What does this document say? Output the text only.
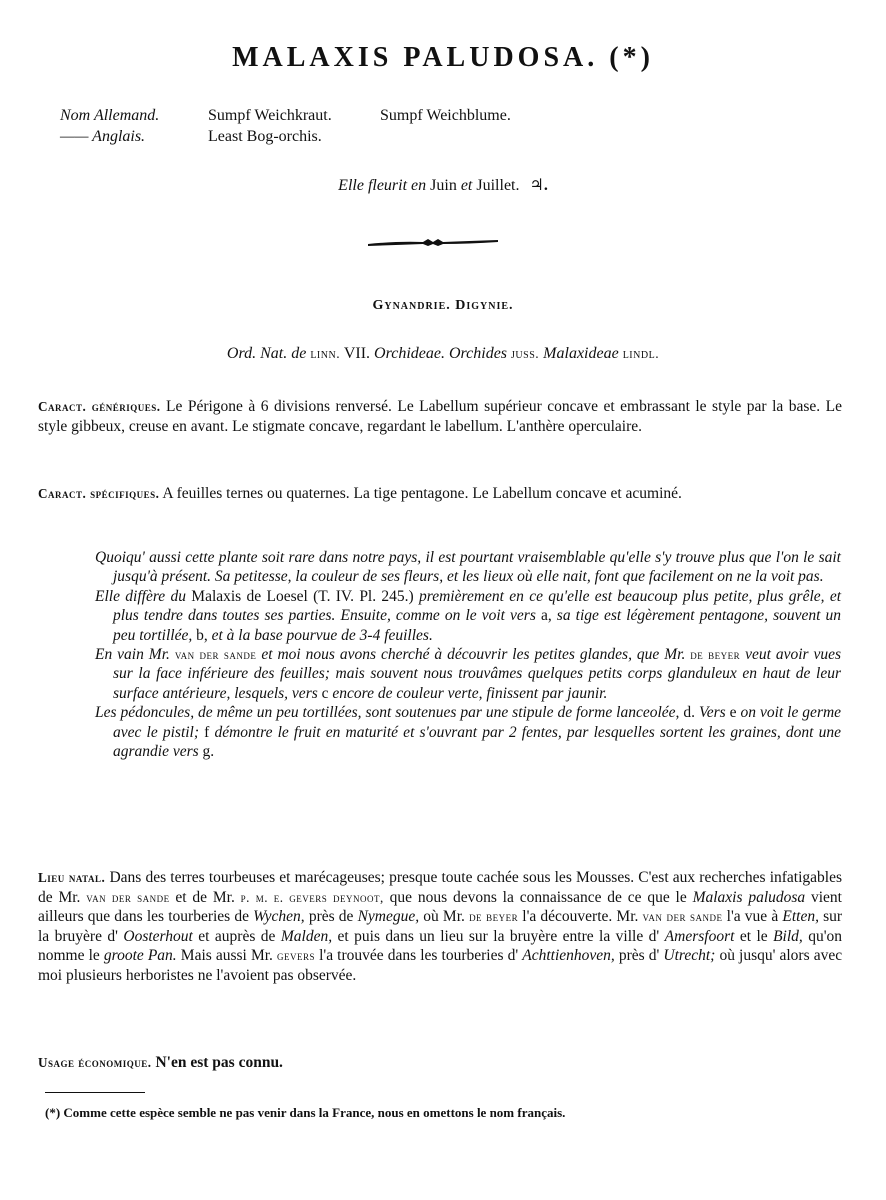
MALAXIS PALUDOSA. (*)
Nom Allemand.	Sumpf Weichkraut.	Sumpf Weichblume.
—— Anglais.	Least Bog-orchis.
Elle fleurit en Juin et Juillet. ♃.
Gynandrie. Digynie.
Ord. Nat. de linn. VII. Orchideae. Orchides juss. Malaxideae lindl.
Caract. génériques. Le Périgone à 6 divisions renversé. Le Labellum supérieur concave et embrassant le style par la base. Le style gibbeux, creuse en avant. Le stigmate concave, regardant le labellum. L'anthère operculaire.
Caract. spécifiques. A feuilles ternes ou quaternes. La tige pentagone. Le Labellum concave et acuminé.

Quoiqu' aussi cette plante soit rare dans notre pays, il est pourtant vraisemblable qu'elle s'y trouve plus que l'on le sait jusqu'à présent. Sa petitesse, la couleur de ses fleurs, et les lieux où elle nait, font que facilement on ne la voit pas.

Elle diffère du Malaxis de Loesel (T. IV. Pl. 245.) premièrement en ce qu'elle est beaucoup plus petite, plus grêle, et plus tendre dans toutes ses parties. Ensuite, comme on le voit vers a, sa tige est légèrement pentagone, souvent un peu tortillée, b, et à la base pourvue de 3-4 feuilles.

En vain Mr. van der sande et moi nous avons cherché à découvrir les petites glandes, que Mr. de beyer veut avoir vues sur la face inférieure des feuilles; mais souvent nous trouvâmes quelques petits corps glanduleux en haut de leur surface antérieure, lesquels, vers c encore de couleur verte, finissent par jaunir.

Les pédoncules, de même un peu tortillées, sont soutenues par une stipule de forme lanceolée, d. Vers e on voit le germe avec le pistil; f démontre le fruit en maturité et s'ouvrant par 2 fentes, par lesquelles sortent les graines, dont une agrandie vers g.

Lieu natal. Dans des terres tourbeuses et marécageuses; presque toute cachée sous les Mousses. C'est aux recherches infatigables de Mr. van der sande et de Mr. p. m. e. gevers deynoot, que nous devons la connaissance de ce que le Malaxis paludosa vient ailleurs que dans les tourberies de Wychen, près de Nymegue, où Mr. de beyer l'a découverte. Mr. van der sande l'a vue à Etten, sur la bruyère d' Oosterhout et auprès de Malden, et puis dans un lieu sur la bruyère entre la ville d' Amersfoort et le Bild, qu'on nomme le groote Pan. Mais aussi Mr. gevers l'a trouvée dans les tourberies d' Achttienhoven, près d' Utrecht; où jusqu' alors avec moi plusieurs herboristes ne l'avoient pas observée.
Usage économique. N'en est pas connu.
(*) Comme cette espèce semble ne pas venir dans la France, nous en omettons le nom français.
